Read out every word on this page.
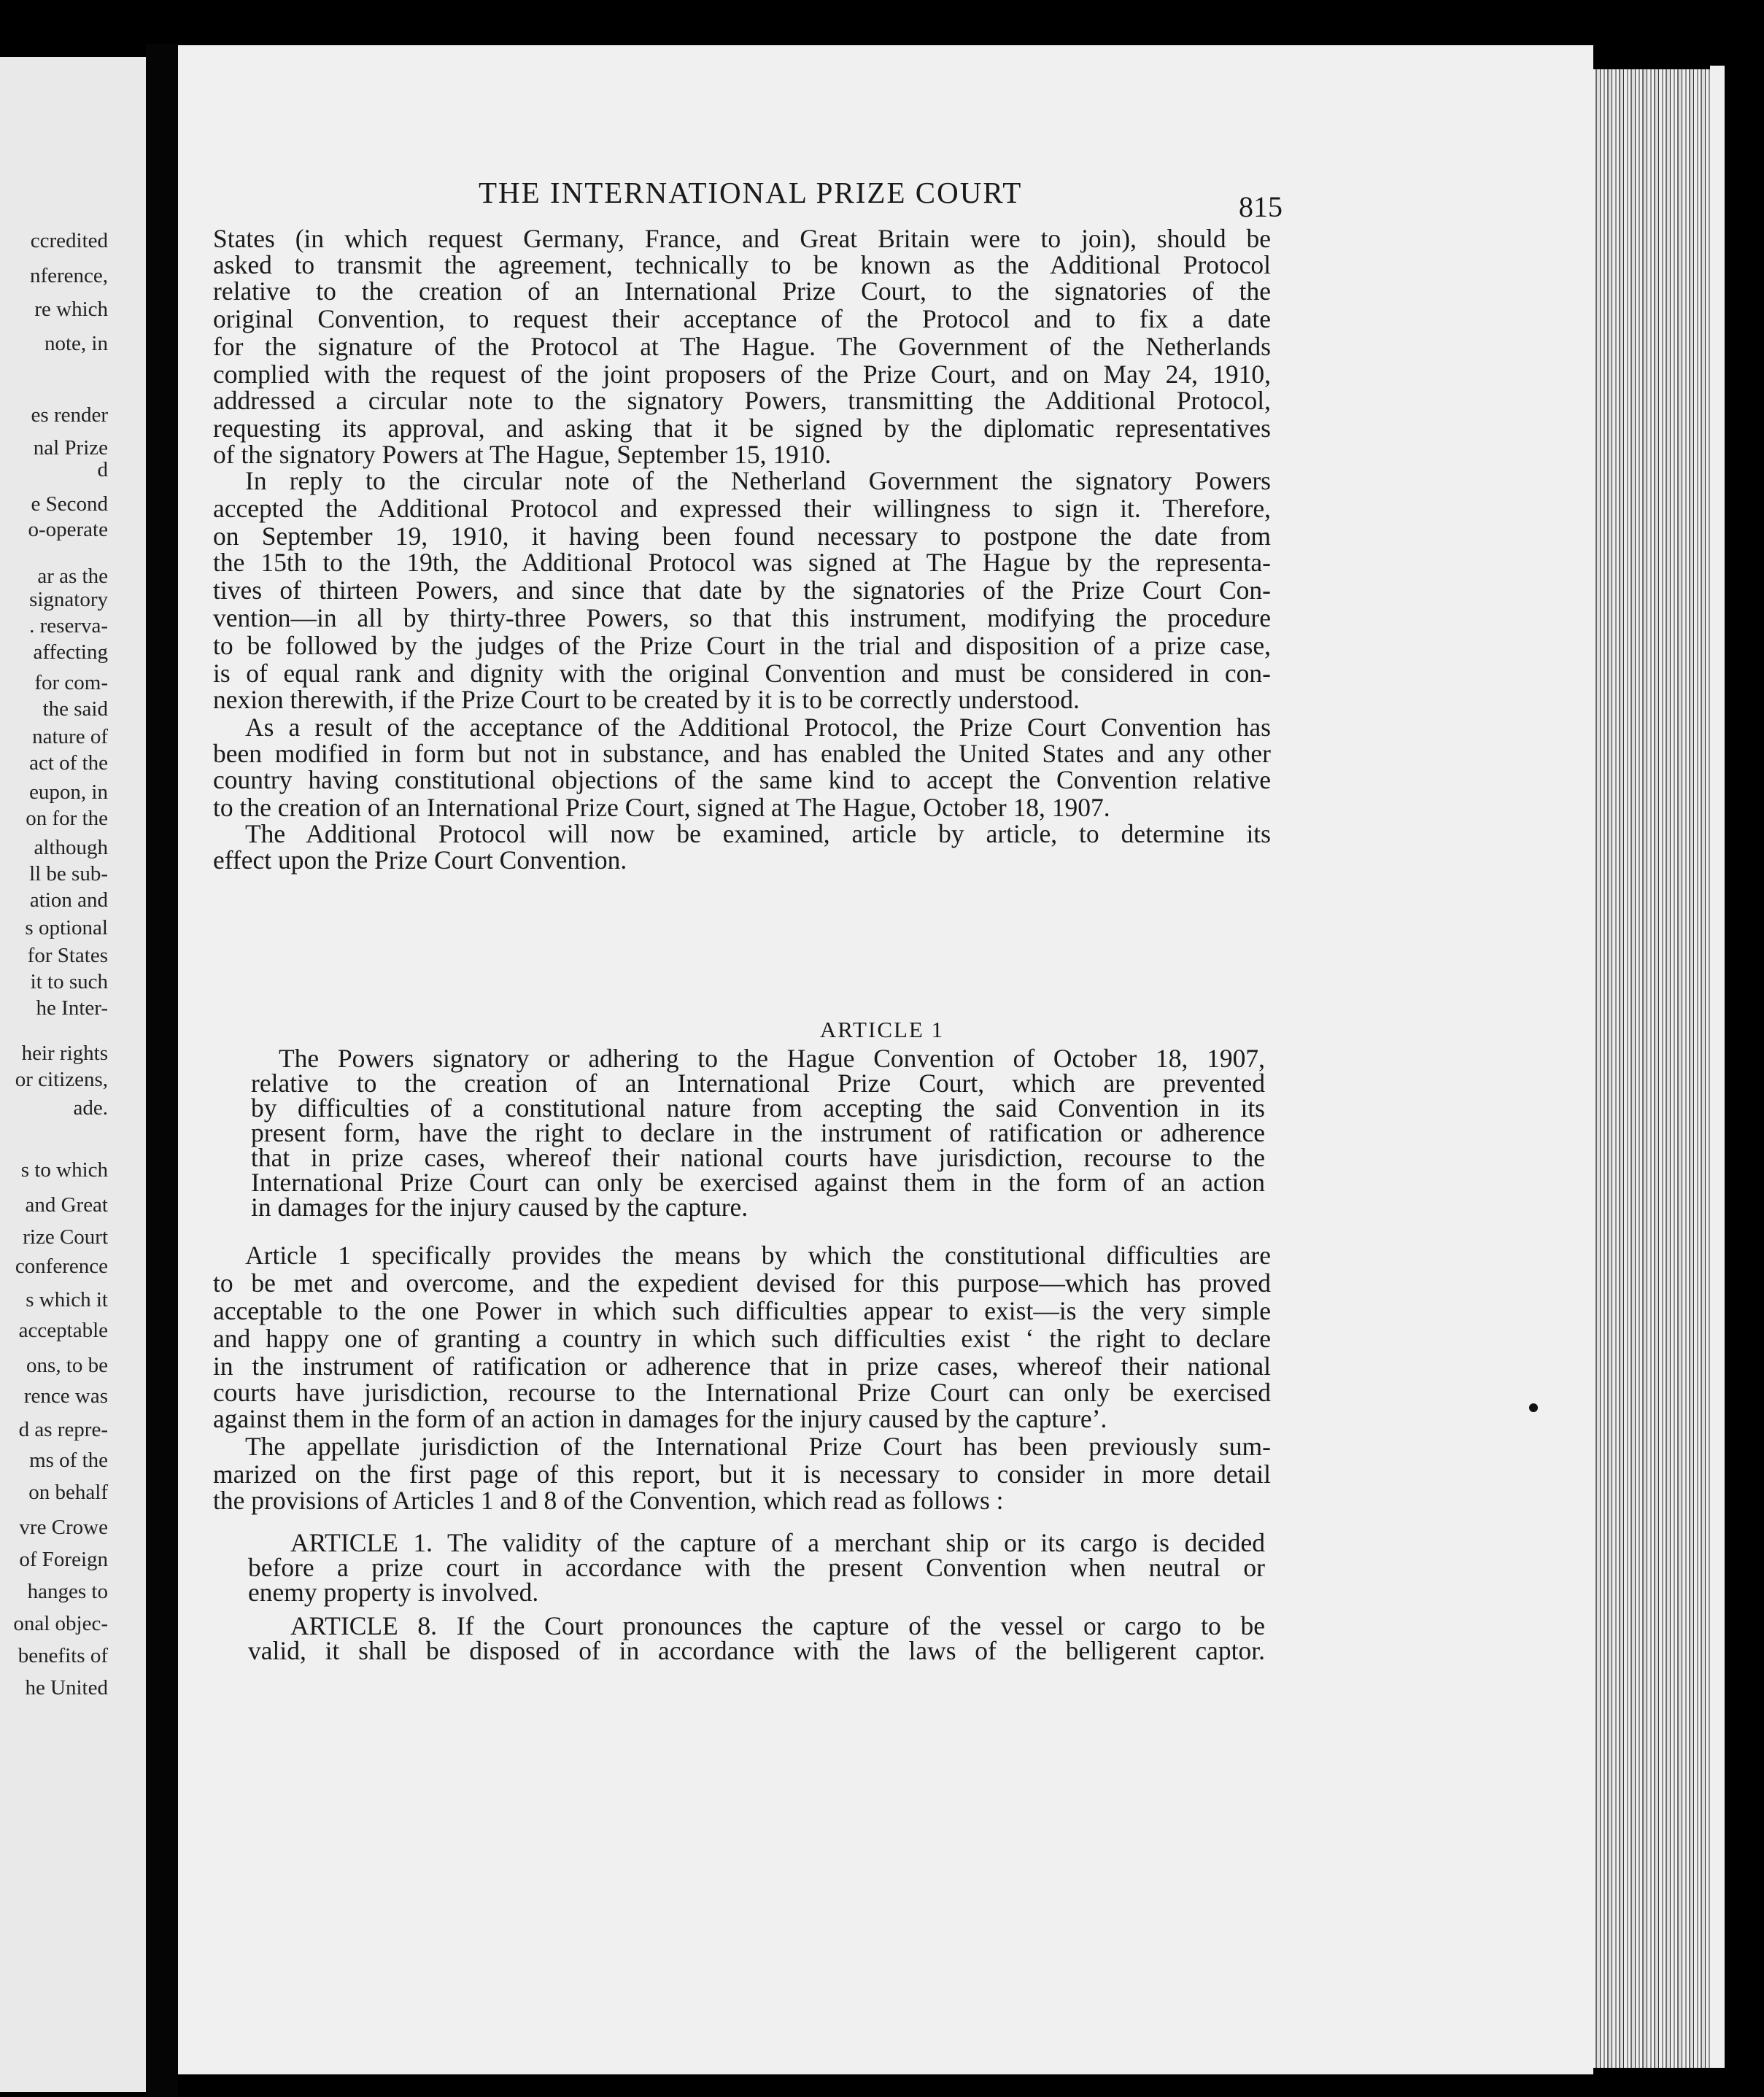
ccredited
nference,
re which
note, in
es render
nal Prize
d
e Second
o-operate
ar as the
signatory
. reserva-
affecting
for com-
the said
nature of
act of the
eupon, in
on for the
although
ll be sub-
ation and
s optional
for States
it to such
he Inter-
heir rights
or citizens,
ade.
s to which
and Great
rize Court
conference
s which it
acceptable
ons, to be
rence was
d as repre-
ms of the
on behalf
vre Crowe
of Foreign
hanges to
onal objec-
benefits of
he United
THE INTERNATIONAL PRIZE COURT	815
States (in which request Germany, France, and Great Britain were to join), should be
asked to transmit the agreement, technically to be known as the Additional Protocol
relative to the creation of an International Prize Court, to the signatories of the
original Convention, to request their acceptance of the Protocol and to fix a date
for the signature of the Protocol at The Hague. The Government of the Netherlands
complied with the request of the joint proposers of the Prize Court, and on May 24, 1910,
addressed a circular note to the signatory Powers, transmitting the Additional Protocol,
requesting its approval, and asking that it be signed by the diplomatic representatives
of the signatory Powers at The Hague, September 15, 1910.
In reply to the circular note of the Netherland Government the signatory Powers
accepted the Additional Protocol and expressed their willingness to sign it. Therefore,
on September 19, 1910, it having been found necessary to postpone the date from
the 15th to the 19th, the Additional Protocol was signed at The Hague by the representa-
tives of thirteen Powers, and since that date by the signatories of the Prize Court Con-
vention—in all by thirty-three Powers, so that this instrument, modifying the procedure
to be followed by the judges of the Prize Court in the trial and disposition of a prize case,
is of equal rank and dignity with the original Convention and must be considered in con-
nexion therewith, if the Prize Court to be created by it is to be correctly understood.
As a result of the acceptance of the Additional Protocol, the Prize Court Convention has
been modified in form but not in substance, and has enabled the United States and any other
country having constitutional objections of the same kind to accept the Convention relative
to the creation of an International Prize Court, signed at The Hague, October 18, 1907.
The Additional Protocol will now be examined, article by article, to determine its
effect upon the Prize Court Convention.
The Powers signatory or adhering to the Hague Convention of October 18, 1907,
relative to the creation of an International Prize Court, which are prevented
by difficulties of a constitutional nature from accepting the said Convention in its
present form, have the right to declare in the instrument of ratification or adherence
that in prize cases, whereof their national courts have jurisdiction, recourse to the
International Prize Court can only be exercised against them in the form of an action
in damages for the injury caused by the capture.
Article 1 specifically provides the means by which the constitutional difficulties are
to be met and overcome, and the expedient devised for this purpose—which has proved
acceptable to the one Power in which such difficulties appear to exist—is the very simple
and happy one of granting a country in which such difficulties exist ‘ the right to declare
in the instrument of ratification or adherence that in prize cases, whereof their national
courts have jurisdiction, recourse to the International Prize Court can only be exercised
against them in the form of an action in damages for the injury caused by the capture’.
The appellate jurisdiction of the International Prize Court has been previously sum-
marized on the first page of this report, but it is necessary to consider in more detail
the provisions of Articles 1 and 8 of the Convention, which read as follows :
ARTICLE 1. The validity of the capture of a merchant ship or its cargo is decided
before a prize court in accordance with the present Convention when neutral or
enemy property is involved.
ARTICLE 8. If the Court pronounces the capture of the vessel or cargo to be
valid, it shall be disposed of in accordance with the laws of the belligerent captor.
ARTICLE 1
